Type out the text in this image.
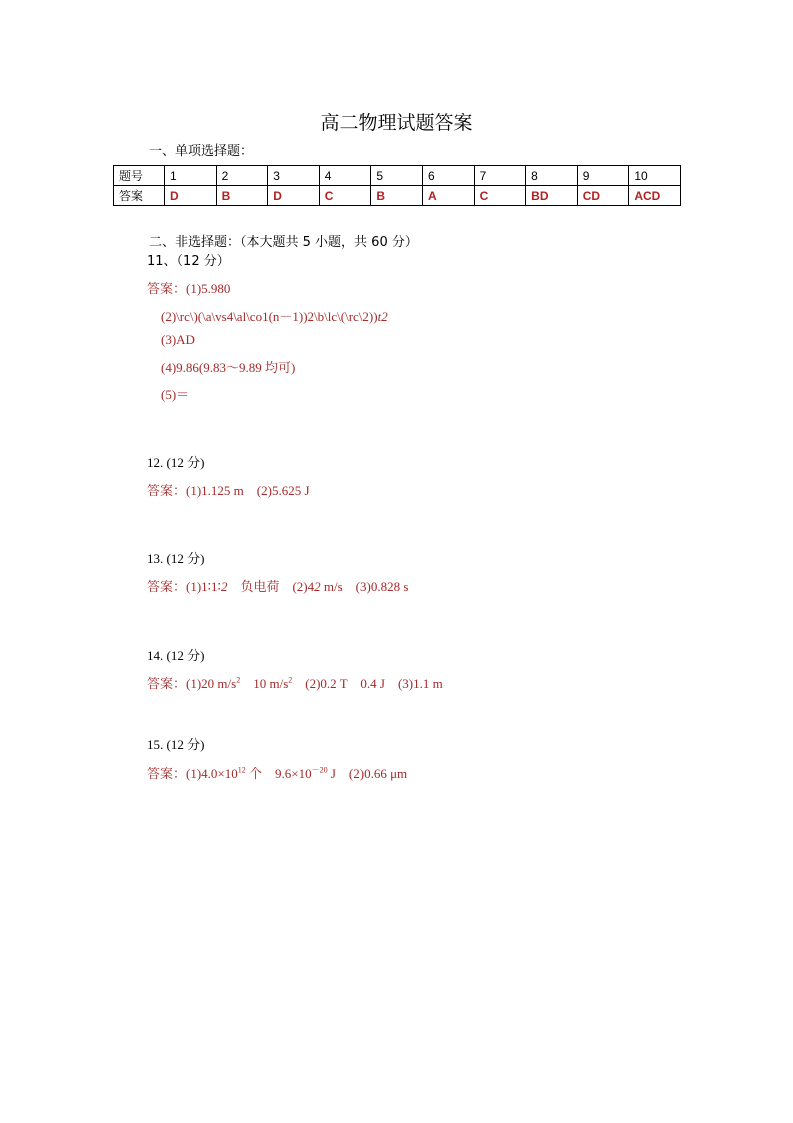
高二物理试题答案
一、单项选择题：
题号	1	2	3	4	5	6	7	8	9	10
答案	D	B	D	C	B	A	C	BD	CD	ACD
二、非选择题：（本大题共 5 小题，共 60 分）
11、（12 分）
答案：(1)5.980
(2)\rc\)(\a\vs4\al\co1(n－1))2\b\lc\(\rc\2))t2
(3)AD
(4)9.86(9.83～9.89 均可)
(5)＝
12. (12 分)
答案：(1)1.125 m　(2)5.625 J
13. (12 分)
答案：(1)1∶1∶2　负电荷　(2)42 m/s　(3)0.828 s
14. (12 分)
答案：(1)20 $m/s^2$　10 $m/s^2$　(2)0.2 T　0.4 J　(3)1.1 m
15. (12 分)
答案：$(1)4.0\times 10^{12}$ 个　$9.6\times 10^{-20}$ J　(2)0.66 μm
